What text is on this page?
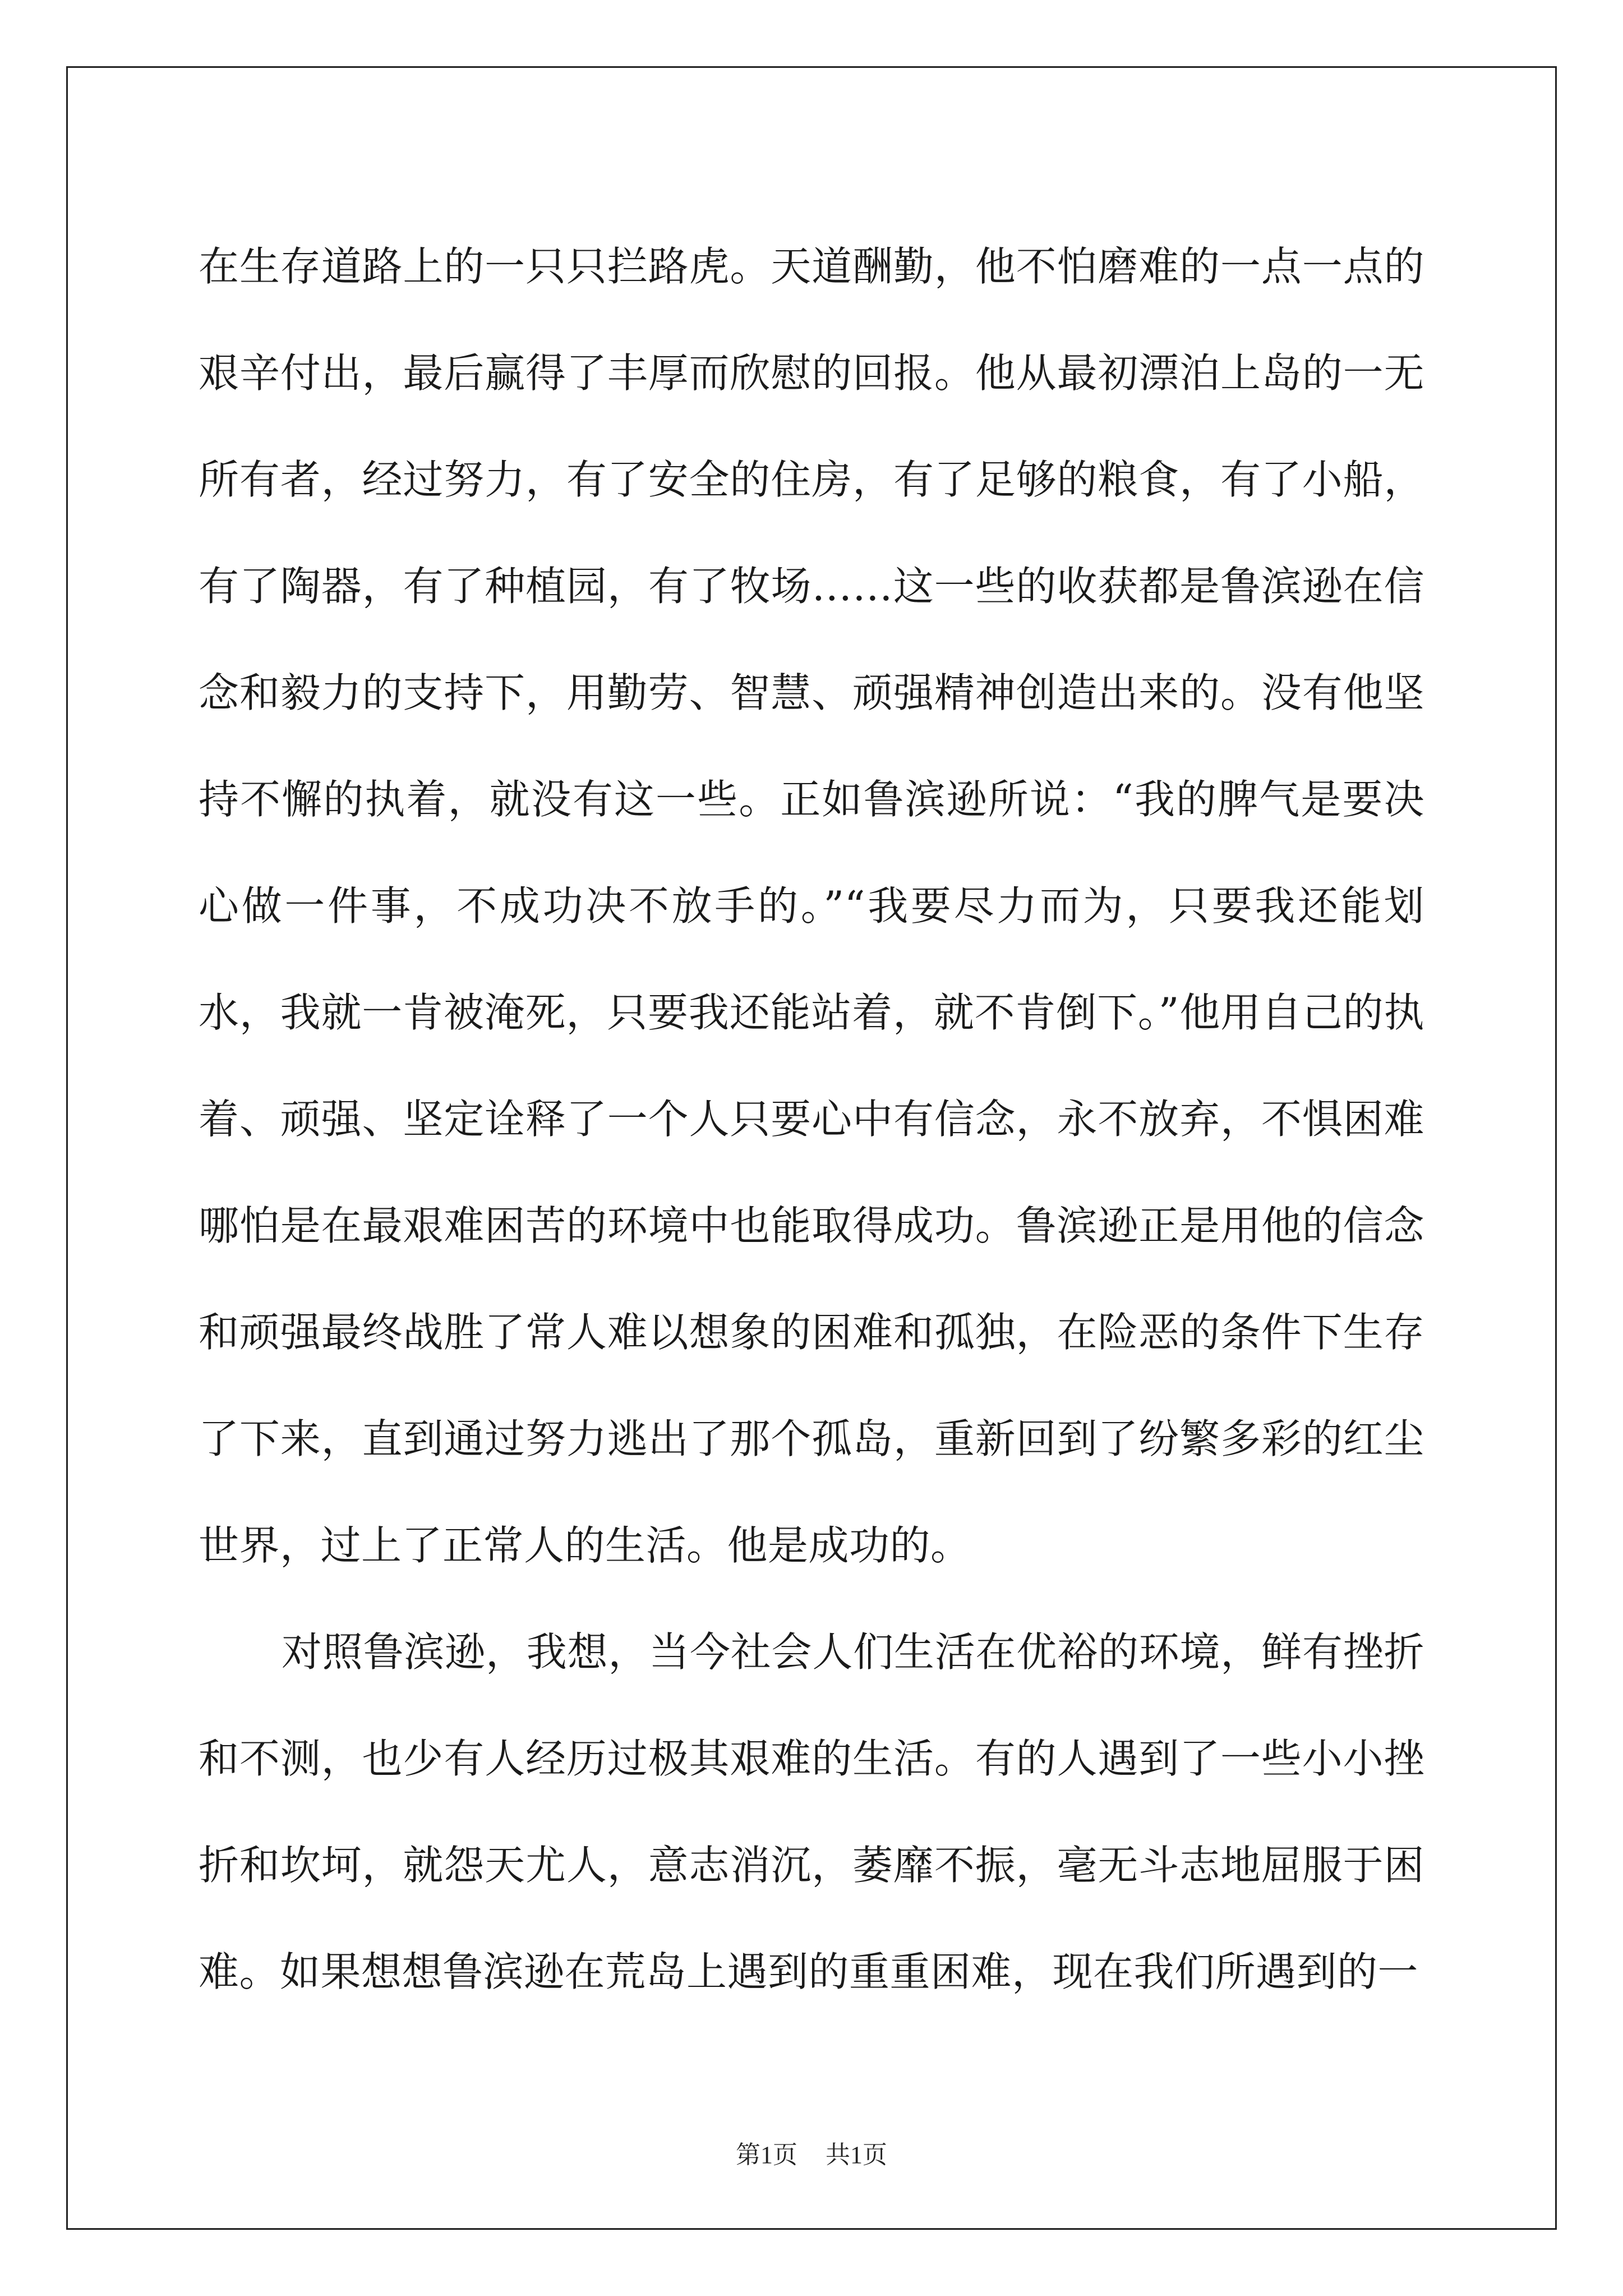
在生存道路上的一只只拦路虎。天道酬勤，他不怕磨难的一点一点的艰辛付出，最后赢得了丰厚而欣慰的回报。他从最初漂泊上岛的一无所有者，经过努力，有了安全的住房，有了足够的粮食，有了小船，有了陶器，有了种植园，有了牧场……这一些的收获都是鲁滨逊在信念和毅力的支持下，用勤劳、智慧、顽强精神创造出来的。没有他坚持不懈的执着，就没有这一些。正如鲁滨逊所说：“我的脾气是要决心做一件事，不成功决不放手的。”“我要尽力而为，只要我还能划水，我就一肯被淹死，只要我还能站着，就不肯倒下。”他用自己的执着、顽强、坚定诠释了一个人只要心中有信念，永不放弃，不惧困难哪怕是在最艰难困苦的环境中也能取得成功。鲁滨逊正是用他的信念和顽强最终战胜了常人难以想象的困难和孤独，在险恶的条件下生存了下来，直到通过努力逃出了那个孤岛，重新回到了纷繁多彩的红尘世界，过上了正常人的生活。他是成功的。

对照鲁滨逊，我想，当今社会人们生活在优裕的环境，鲜有挫折和不测，也少有人经历过极其艰难的生活。有的人遇到了一些小小挫折和坎坷，就怨天尤人，意志消沉，萎靡不振，毫无斗志地屈服于困难。如果想想鲁滨逊在荒岛上遇到的重重困难，现在我们所遇到的一

第1页 共1页
